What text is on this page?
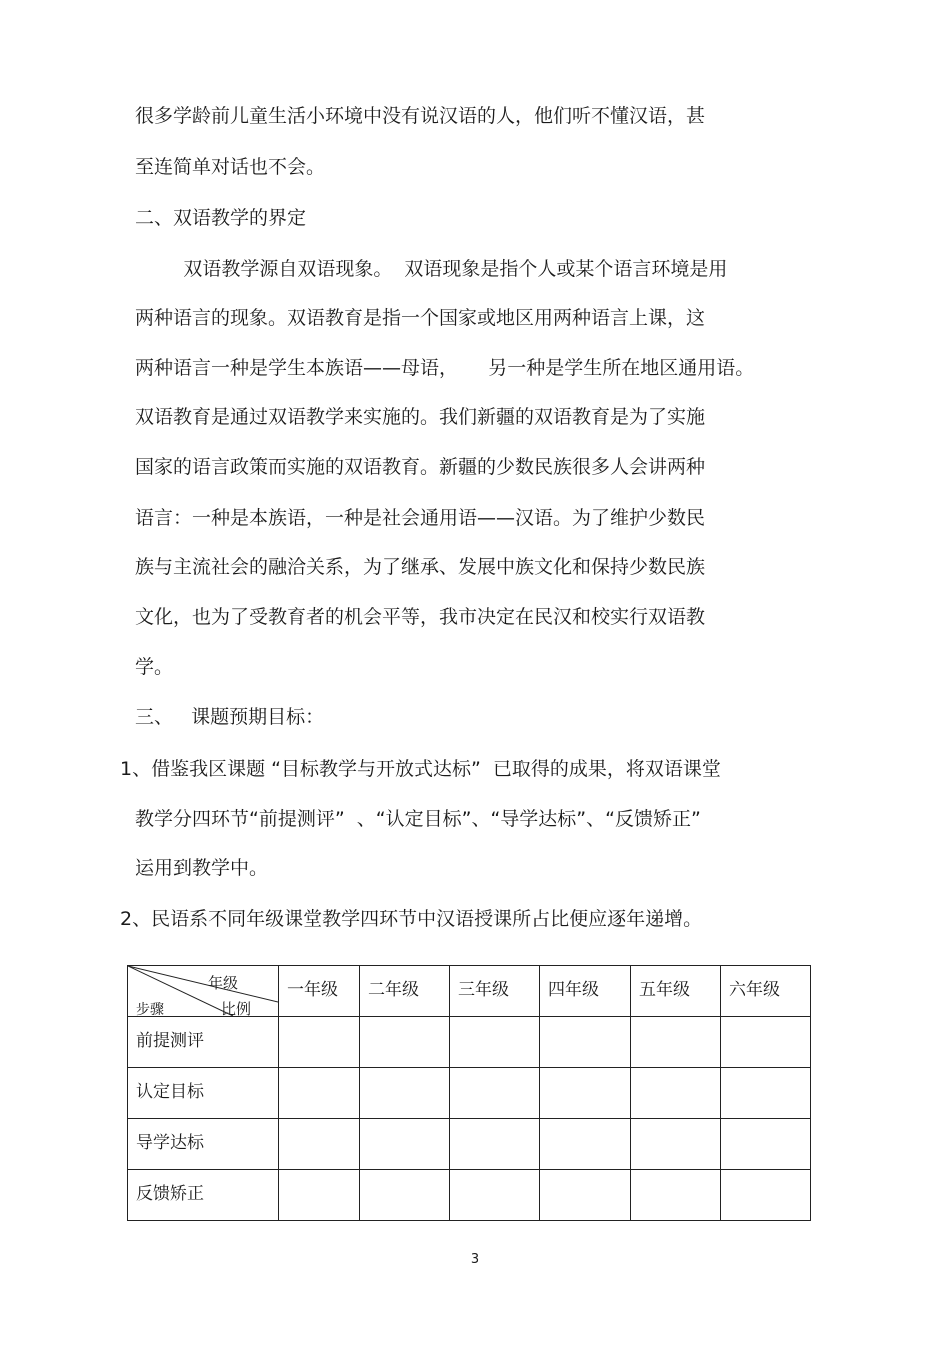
很多学龄前儿童生活小环境中没有说汉语的人，他们听不懂汉语，甚
至连简单对话也不会。
二、双语教学的界定
双语教学源自双语现象。  双语现象是指个人或某个语言环境是用
两种语言的现象。双语教育是指一个国家或地区用两种语言上课，这
两种语言一种是学生本族语——母语，     另一种是学生所在地区通用语。
双语教育是通过双语教学来实施的。我们新疆的双语教育是为了实施
国家的语言政策而实施的双语教育。新疆的少数民族很多人会讲两种
语言：一种是本族语，一种是社会通用语——汉语。为了维护少数民
族与主流社会的融洽关系，为了继承、发展中族文化和保持少数民族
文化，也为了受教育者的机会平等，我市决定在民汉和校实行双语教
学。
三、   课题预期目标：
1、借鉴我区课题 “目标教学与开放式达标”  已取得的成果，将双语课堂
教学分四环节“前提测评”  、“认定目标”、“导学达标”、“反馈矫正”
运用到教学中。
2、民语系不同年级课堂教学四环节中汉语授课所占比便应逐年递增。
年级
步骤 比例	一年级	二年级	三年级	四年级	五年级	六年级

前提测评						

认定目标						

导学达标						

反馈矫正						

3
